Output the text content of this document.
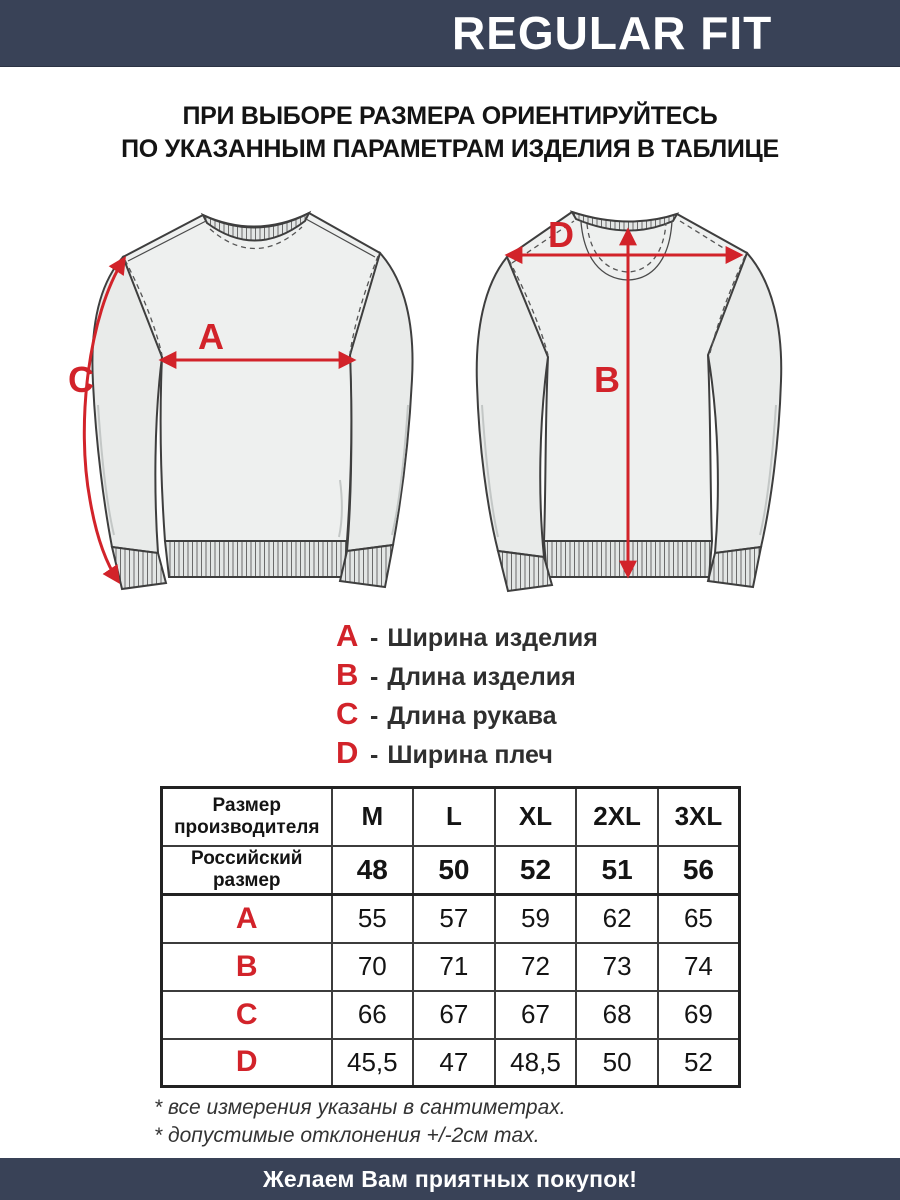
REGULAR FIT
ПРИ ВЫБОРЕ РАЗМЕРА ОРИЕНТИРУЙТЕСЬ
ПО УКАЗАННЫМ ПАРАМЕТРАМ ИЗДЕЛИЯ В ТАБЛИЦЕ
A
C
D
B
A - Ширина изделия
B - Длина изделия
C - Длина рукава
D - Ширина плеч
Размер производителя	M	L	XL	2XL	3XL
Российский размер	48	50	52	51	56
A	55	57	59	62	65
B	70	71	72	73	74
C	66	67	67	68	69
D	45,5	47	48,5	50	52
* все измерения указаны в сантиметрах.
* допустимые отклонения +/-2см max.
Желаем Вам приятных покупок!
